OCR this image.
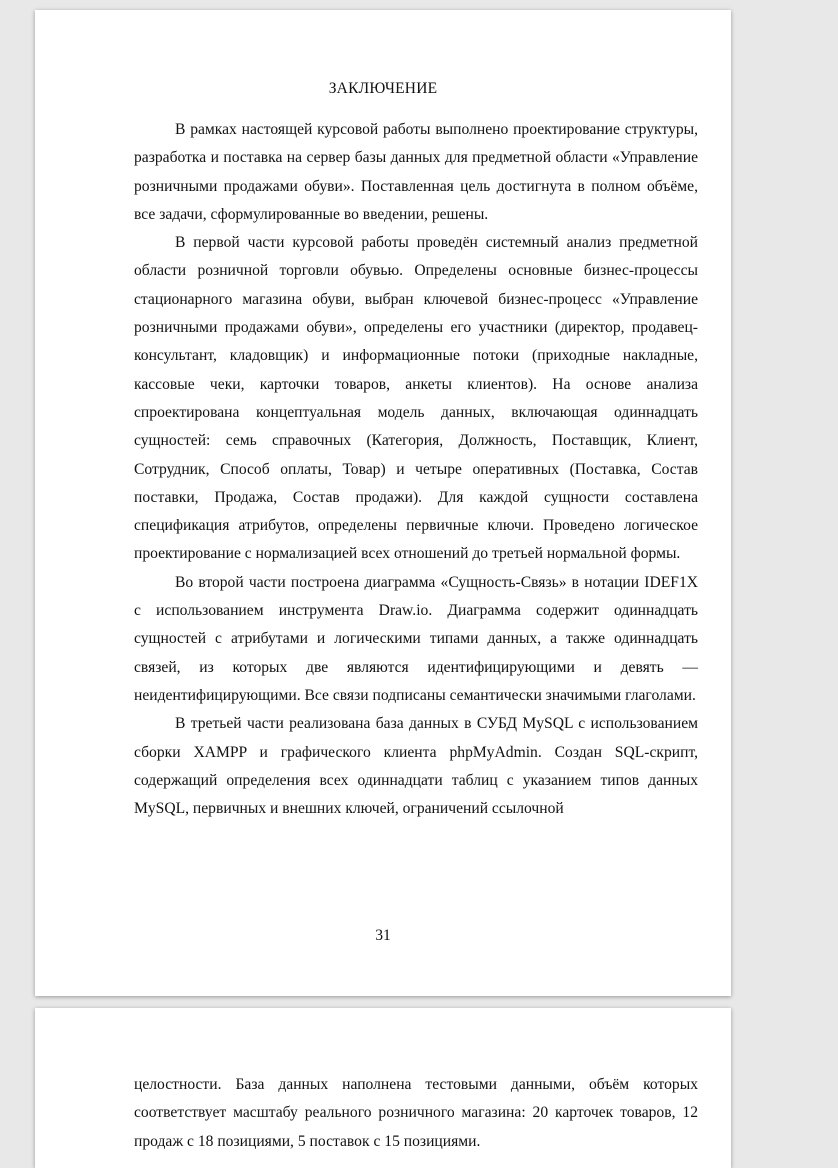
ЗАКЛЮЧЕНИЕ

В рамках настоящей курсовой работы выполнено проектирование структуры, разработка и поставка на сервер базы данных для предметной области «Управление розничными продажами обуви». Поставленная цель достигнута в полном объёме, все задачи, сформулированные во введении, решены.

В первой части курсовой работы проведён системный анализ предметной области розничной торговли обувью. Определены основные бизнес-процессы стационарного магазина обуви, выбран ключевой бизнес-процесс «Управление розничными продажами обуви», определены его участники (директор, продавец-консультант, кладовщик) и информационные потоки (приходные накладные, кассовые чеки, карточки товаров, анкеты клиентов). На основе анализа спроектирована концептуальная модель данных, включающая одиннадцать сущностей: семь справочных (Категория, Должность, Поставщик, Клиент, Сотрудник, Способ оплаты, Товар) и четыре оперативных (Поставка, Состав поставки, Продажа, Состав продажи). Для каждой сущности составлена спецификация атрибутов, определены первичные ключи. Проведено логическое проектирование с нормализацией всех отношений до третьей нормальной формы.

Во второй части построена диаграмма «Сущность-Связь» в нотации IDEF1X с использованием инструмента Draw.io. Диаграмма содержит одиннадцать сущностей с атрибутами и логическими типами данных, а также одиннадцать связей, из которых две являются идентифицирующими и девять — неидентифицирующими. Все связи подписаны семантически значимыми глаголами.

В третьей части реализована база данных в СУБД MySQL с использованием сборки XAMPP и графического клиента phpMyAdmin. Создан SQL-скрипт, содержащий определения всех одиннадцати таблиц с указанием типов данных MySQL, первичных и внешних ключей, ограничений ссылочной

31

целостности. База данных наполнена тестовыми данными, объём которых соответствует масштабу реального розничного магазина: 20 карточек товаров, 12 продаж с 18 позициями, 5 поставок с 15 позициями.
